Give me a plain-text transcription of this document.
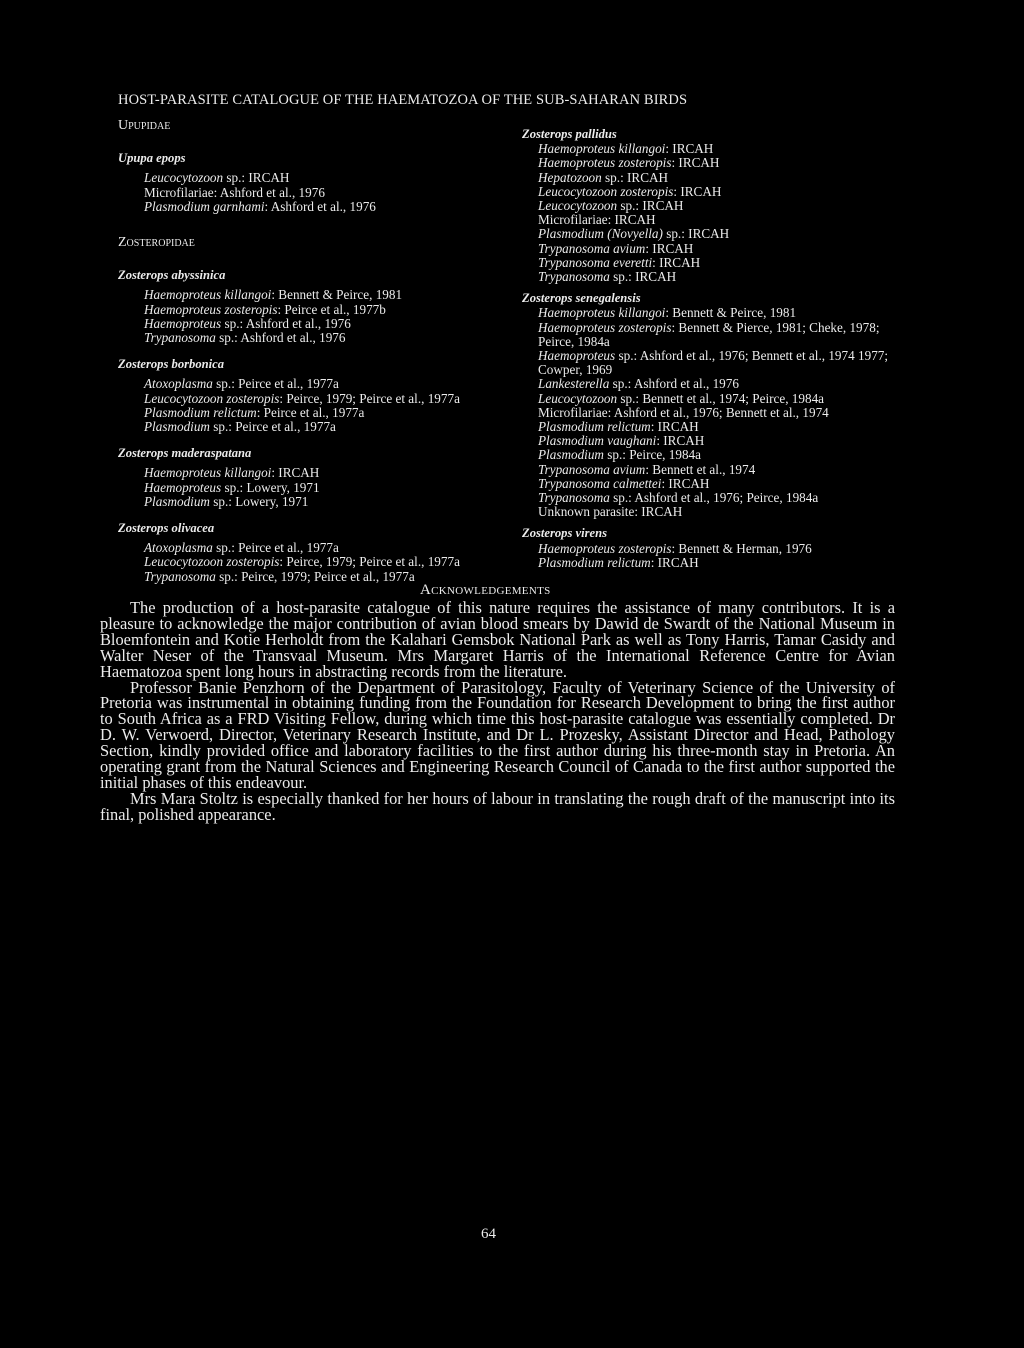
HOST-PARASITE CATALOGUE OF THE HAEMATOZOA OF THE SUB-SAHARAN BIRDS
Upupidae
Upupa epops
Leucocytozoon sp.: IRCAH
Microfilariae: Ashford et al., 1976
Plasmodium garnhami: Ashford et al., 1976
Zosteropidae
Zosterops abyssinica
Haemoproteus killangoi: Bennett & Peirce, 1981
Haemoproteus zosteropis: Peirce et al., 1977b
Haemoproteus sp.: Ashford et al., 1976
Trypanosoma sp.: Ashford et al., 1976
Zosterops borbonica
Atoxoplasma sp.: Peirce et al., 1977a
Leucocytozoon zosteropis: Peirce, 1979; Peirce et al., 1977a
Plasmodium relictum: Peirce et al., 1977a
Plasmodium sp.: Peirce et al., 1977a
Zosterops maderaspatana
Haemoproteus killangoi: IRCAH
Haemoproteus sp.: Lowery, 1971
Plasmodium sp.: Lowery, 1971
Zosterops olivacea
Atoxoplasma sp.: Peirce et al., 1977a
Leucocytozoon zosteropis: Peirce, 1979; Peirce et al., 1977a
Trypanosoma sp.: Peirce, 1979; Peirce et al., 1977a
Zosterops pallidus
Haemoproteus killangoi: IRCAH
Haemoproteus zosteropis: IRCAH
Hepatozoon sp.: IRCAH
Leucocytozoon zosteropis: IRCAH
Leucocytozoon sp.: IRCAH
Microfilariae: IRCAH
Plasmodium (Novyella) sp.: IRCAH
Trypanosoma avium: IRCAH
Trypanosoma everetti: IRCAH
Trypanosoma sp.: IRCAH
Zosterops senegalensis
Haemoproteus killangoi: Bennett & Peirce, 1981
Haemoproteus zosteropis: Bennett & Pierce, 1981; Cheke, 1978; Peirce, 1984a
Haemoproteus sp.: Ashford et al., 1976; Bennett et al., 1974 1977; Cowper, 1969
Lankesterella sp.: Ashford et al., 1976
Leucocytozoon sp.: Bennett et al., 1974; Peirce, 1984a
Microfilariae: Ashford et al., 1976; Bennett et al., 1974
Plasmodium relictum: IRCAH
Plasmodium vaughani: IRCAH
Plasmodium sp.: Peirce, 1984a
Trypanosoma avium: Bennett et al., 1974
Trypanosoma calmettei: IRCAH
Trypanosoma sp.: Ashford et al., 1976; Peirce, 1984a
Unknown parasite: IRCAH
Zosterops virens
Haemoproteus zosteropis: Bennett & Herman, 1976
Plasmodium relictum: IRCAH
Acknowledgements

The production of a host-parasite catalogue of this nature requires the assistance of many contributors. It is a pleasure to acknowledge the major contribution of avian blood smears by Dawid de Swardt of the National Museum in Bloemfontein and Kotie Herholdt from the Kalahari Gemsbok National Park as well as Tony Harris, Tamar Casidy and Walter Neser of the Transvaal Museum. Mrs Margaret Harris of the International Reference Centre for Avian Haematozoa spent long hours in abstracting records from the literature.

Professor Banie Penzhorn of the Department of Parasitology, Faculty of Veterinary Science of the University of Pretoria was instrumental in obtaining funding from the Foundation for Research Development to bring the first author to South Africa as a FRD Visiting Fellow, during which time this host-parasite catalogue was essentially completed. Dr D. W. Verwoerd, Director, Veterinary Research Institute, and Dr L. Prozesky, Assistant Director and Head, Pathology Section, kindly provided office and laboratory facilities to the first author during his three-month stay in Pretoria. An operating grant from the Natural Sciences and Engineering Research Council of Canada to the first author supported the initial phases of this endeavour.

Mrs Mara Stoltz is especially thanked for her hours of labour in translating the rough draft of the manuscript into its final, polished appearance.

64
